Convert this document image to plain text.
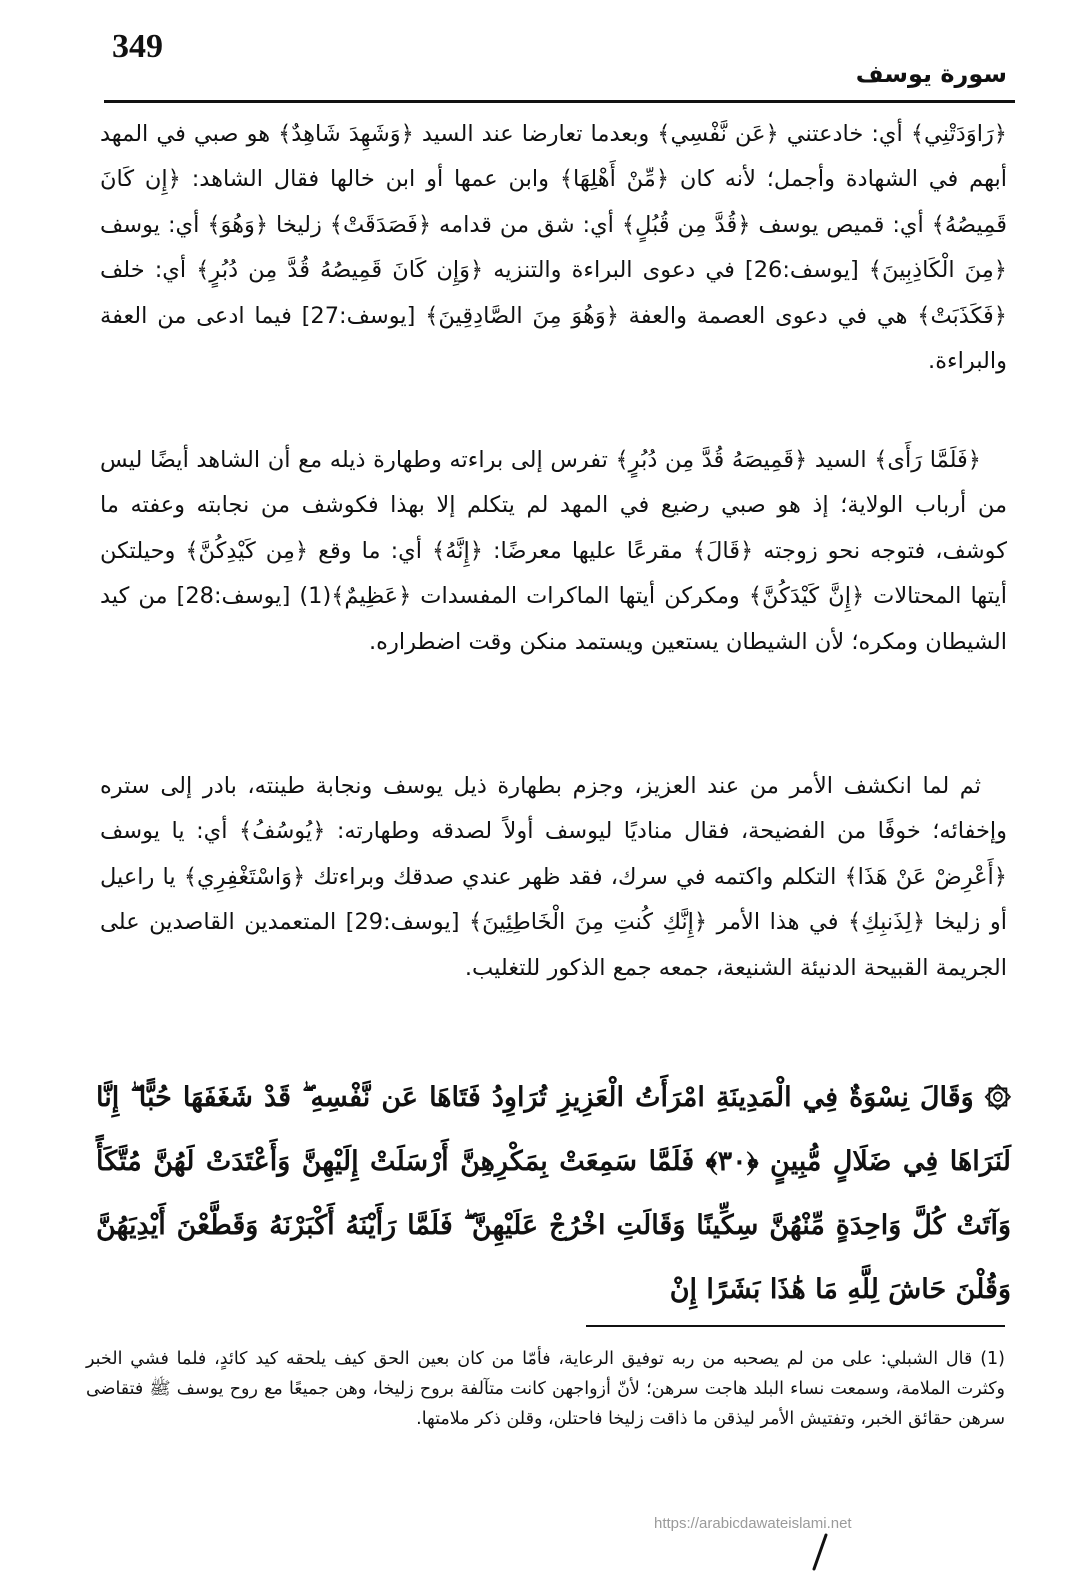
349
سورة يوسف

﴿رَاوَدَتْنِي﴾ أي: خادعتني ﴿عَن نَّفْسِي﴾ وبعدما تعارضا عند السيد ﴿وَشَهِدَ شَاهِدٌ﴾ هو صبي في المهد أبهم في الشهادة وأجمل؛ لأنه كان ﴿مِّنْ أَهْلِهَا﴾ وابن عمها أو ابن خالها فقال الشاهد: ﴿إِن كَانَ قَمِيصُهُ﴾ أي: قميص يوسف ﴿قُدَّ مِن قُبُلٍ﴾ أي: شق من قدامه ﴿فَصَدَقَتْ﴾ زليخا ﴿وَهُوَ﴾ أي: يوسف ﴿مِنَ الْكَاذِبِينَ﴾ [يوسف:26] في دعوى البراءة والتنزيه ﴿وَإِن كَانَ قَمِيصُهُ قُدَّ مِن دُبُرٍ﴾ أي: خلف ﴿فَكَذَبَتْ﴾ هي في دعوى العصمة والعفة ﴿وَهُوَ مِنَ الصَّادِقِينَ﴾ [يوسف:27] فيما ادعى من العفة والبراءة.

﴿فَلَمَّا رَأَى﴾ السيد ﴿قَمِيصَهُ قُدَّ مِن دُبُرٍ﴾ تفرس إلى براءته وطهارة ذيله مع أن الشاهد أيضًا ليس من أرباب الولاية؛ إذ هو صبي رضيع في المهد لم يتكلم إلا بهذا فكوشف من نجابته وعفته ما كوشف، فتوجه نحو زوجته ﴿قَالَ﴾ مقرعًا عليها معرضًا: ﴿إِنَّهُ﴾ أي: ما وقع ﴿مِن كَيْدِكُنَّ﴾ وحيلتكن أيتها المحتالات ﴿إِنَّ كَيْدَكُنَّ﴾ ومكركن أيتها الماكرات المفسدات ﴿عَظِيمٌ﴾(1) [يوسف:28] من كيد الشيطان ومكره؛ لأن الشيطان يستعين ويستمد منكن وقت اضطراره.

ثم لما انكشف الأمر من عند العزيز، وجزم بطهارة ذيل يوسف ونجابة طينته، بادر إلى ستره وإخفائه؛ خوفًا من الفضيحة، فقال مناديًا ليوسف أولاً لصدقه وطهارته: ﴿يُوسُفُ﴾ أي: يا يوسف ﴿أَعْرِضْ عَنْ هَذَا﴾ التكلم واكتمه في سرك، فقد ظهر عندي صدقك وبراءتك ﴿وَاسْتَغْفِرِي﴾ يا راعيل أو زليخا ﴿لِذَنبِكِ﴾ في هذا الأمر ﴿إِنَّكِ كُنتِ مِنَ الْخَاطِئِينَ﴾ [يوسف:29] المتعمدين القاصدين على الجريمة القبيحة الدنيئة الشنيعة، جمعه جمع الذكور للتغليب.

۞ وَقَالَ نِسْوَةٌ فِي الْمَدِينَةِ امْرَأَتُ الْعَزِيزِ تُرَاوِدُ فَتَاهَا عَن نَّفْسِهِ ۖ قَدْ شَغَفَهَا حُبًّا ۖ إِنَّا لَنَرَاهَا فِي ضَلَالٍ مُّبِينٍ ﴿٣٠﴾ فَلَمَّا سَمِعَتْ بِمَكْرِهِنَّ أَرْسَلَتْ إِلَيْهِنَّ وَأَعْتَدَتْ لَهُنَّ مُتَّكَأً وَآتَتْ كُلَّ وَاحِدَةٍ مِّنْهُنَّ سِكِّينًا وَقَالَتِ اخْرُجْ عَلَيْهِنَّ ۖ فَلَمَّا رَأَيْنَهُ أَكْبَرْنَهُ وَقَطَّعْنَ أَيْدِيَهُنَّ وَقُلْنَ حَاشَ لِلَّهِ مَا هَٰذَا بَشَرًا إِنْ
(1) قال الشبلي: على من لم يصحبه من ربه توفيق الرعاية، فأمّا من كان بعين الحق كيف يلحقه كيد كائدٍ، فلما فشي الخبر وكثرت الملامة، وسمعت نساء البلد هاجت سرهن؛ لأنّ أزواجهن كانت متآلفة بروح زليخا، وهن جميعًا مع روح يوسف ﷺ فتقاضى سرهن حقائق الخبر، وتفتيش الأمر ليذقن ما ذاقت زليخا فاحتلن، وقلن ذكر ملامتها.
https://arabicdawateislami.net
